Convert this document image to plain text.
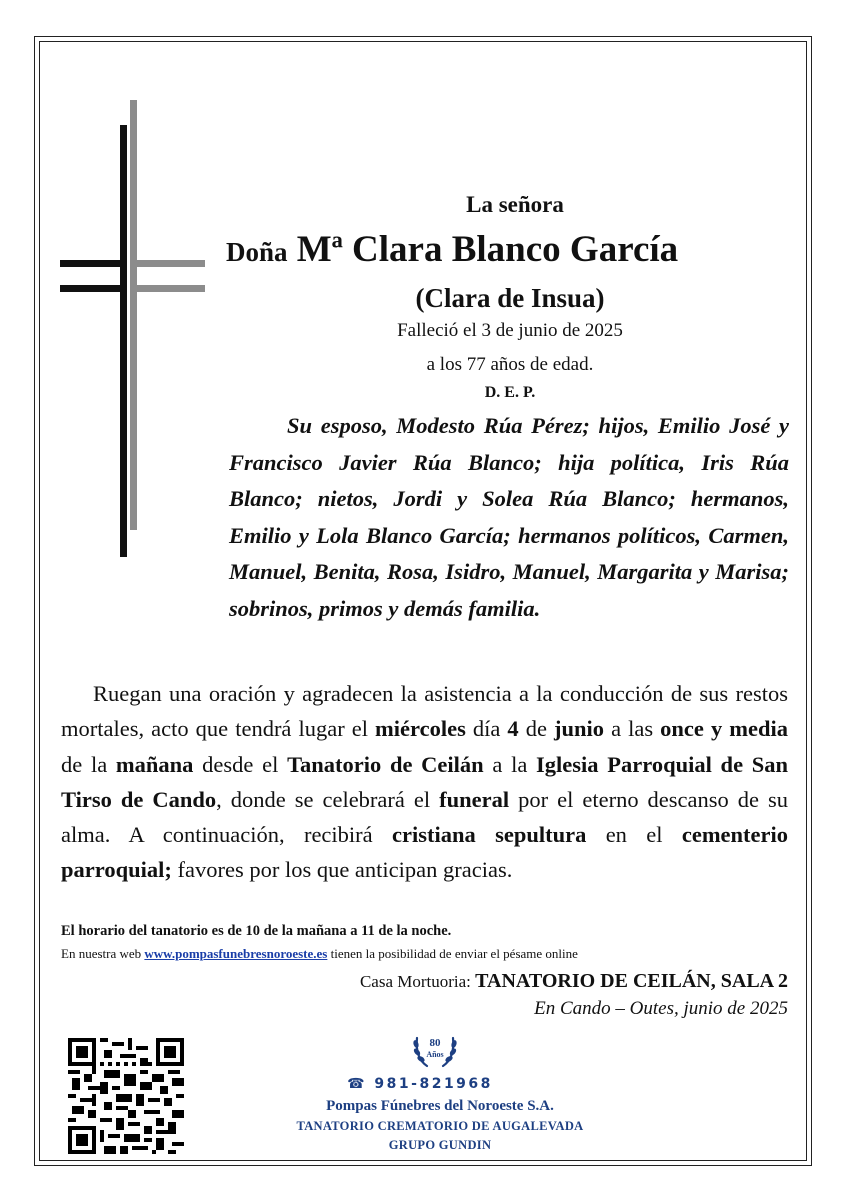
La señora
Doña Mª Clara Blanco García
(Clara de Insua)
Falleció el 3 de junio de 2025
a los 77 años de edad.
D. E. P.
Su esposo, Modesto Rúa Pérez; hijos, Emilio José y Francisco Javier Rúa Blanco; hija política, Iris Rúa Blanco; nietos, Jordi y Solea Rúa Blanco; hermanos, Emilio y Lola Blanco García; hermanos políticos, Carmen, Manuel, Benita, Rosa, Isidro, Manuel, Margarita y Marisa; sobrinos, primos y demás familia.
Ruegan una oración y agradecen la asistencia a la conducción de sus restos mortales, acto que tendrá lugar el miércoles día 4 de junio a las once y media de la mañana desde el Tanatorio de Ceilán a la Iglesia Parroquial de San Tirso de Cando, donde se celebrará el funeral por el eterno descanso de su alma. A continuación, recibirá cristiana sepultura en el cementerio parroquial; favores por los que anticipan gracias.
El horario del tanatorio es de 10 de la mañana a 11 de la noche.
En nuestra web www.pompasfunebresnoroeste.es tienen la posibilidad de enviar el pésame online
Casa Mortuoria: TANATORIO DE CEILÁN, SALA 2
En Cando – Outes, junio de 2025
80
Años
☎ 981-821968
Pompas Fúnebres del Noroeste S.A.
TANATORIO CREMATORIO DE AUGALEVADA
GRUPO GUNDIN
